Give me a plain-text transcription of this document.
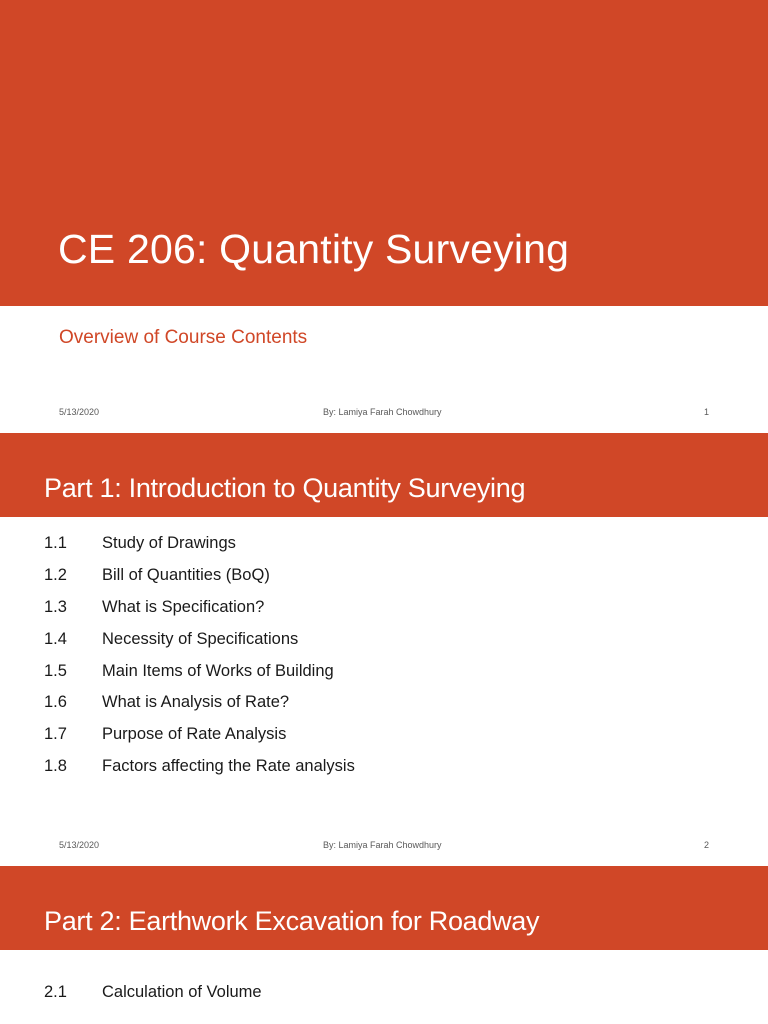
CE 206: Quantity Surveying
Overview of Course Contents
5/13/2020	By: Lamiya Farah Chowdhury	1
Part 1: Introduction to Quantity Surveying
1.1	Study of Drawings
1.2	Bill of Quantities (BoQ)
1.3	What is Specification?
1.4	Necessity of Specifications
1.5	Main Items of Works of Building
1.6	What is Analysis of Rate?
1.7	Purpose of Rate Analysis
1.8	Factors affecting the Rate analysis
5/13/2020	By: Lamiya Farah Chowdhury	2
Part 2: Earthwork Excavation for Roadway
2.1	Calculation of Volume
